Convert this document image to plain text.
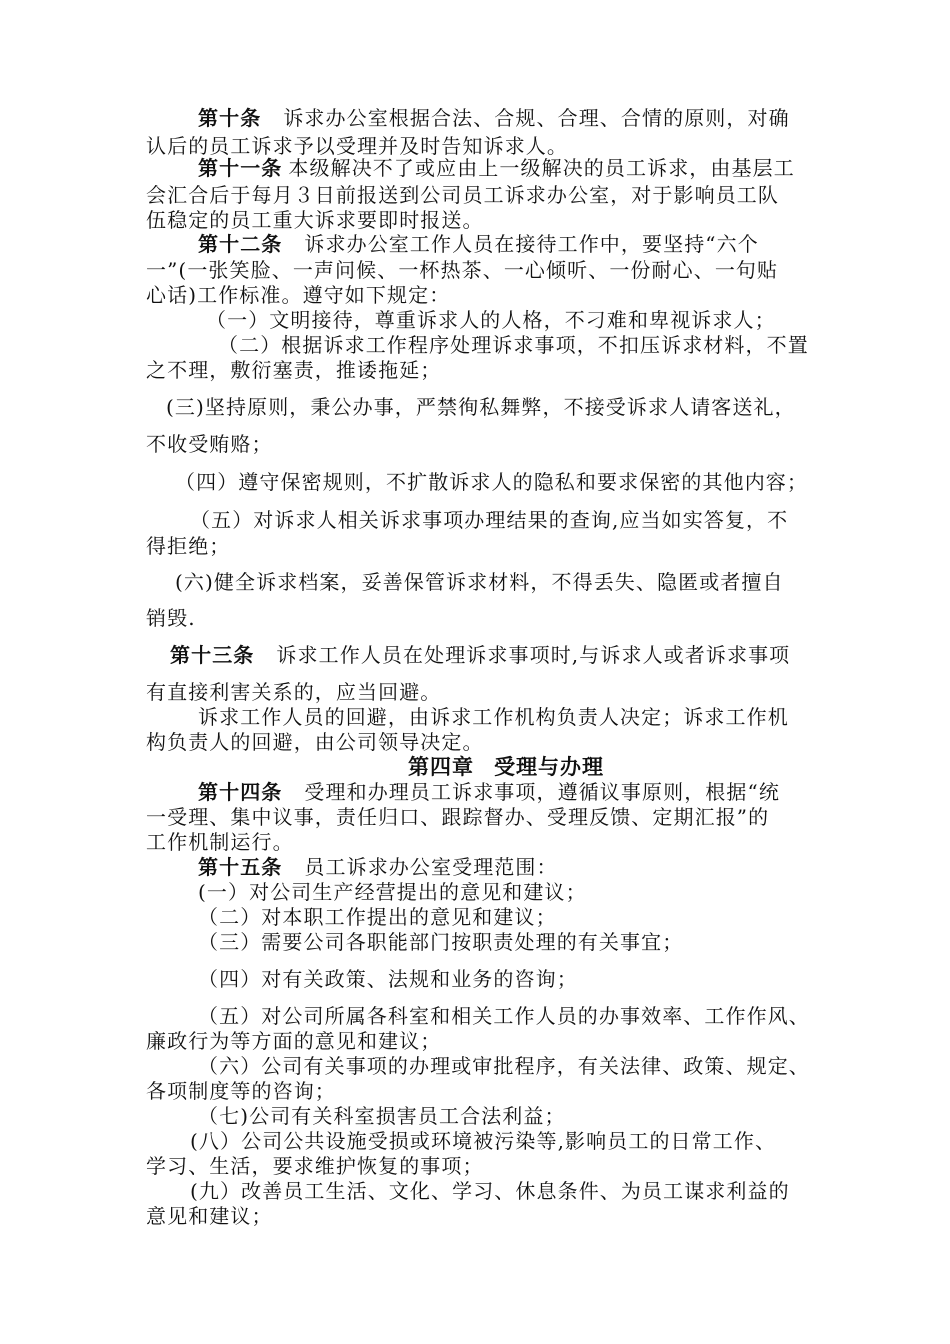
第十条 诉求办公室根据合法、合规、合理、合情的原则，对确
认后的员工诉求予以受理并及时告知诉求人。
第十一条 本级解决不了或应由上一级解决的员工诉求，由基层工
会汇合后于每月３日前报送到公司员工诉求办公室，对于影响员工队
伍稳定的员工重大诉求要即时报送。
第十二条 诉求办公室工作人员在接待工作中，要坚持“六个
一”(一张笑脸、一声问候、一杯热茶、一心倾听、一份耐心、一句贴
心话)工作标准。遵守如下规定：
（一）文明接待，尊重诉求人的人格，不刁难和卑视诉求人；
（二）根据诉求工作程序处理诉求事项，不扣压诉求材料，不置
之不理，敷衍塞责，推诿拖延；
(三)坚持原则，秉公办事，严禁徇私舞弊，不接受诉求人请客送礼，
不收受贿赂；
（四）遵守保密规则，不扩散诉求人的隐私和要求保密的其他内容；
（五）对诉求人相关诉求事项办理结果的查询,应当如实答复，不
得拒绝；
(六)健全诉求档案，妥善保管诉求材料，不得丢失、隐匿或者擅自
销毁.
第十三条 诉求工作人员在处理诉求事项时,与诉求人或者诉求事项
有直接利害关系的，应当回避。
诉求工作人员的回避，由诉求工作机构负责人决定；诉求工作机
构负责人的回避，由公司领导决定。
第四章 受理与办理
第十四条 受理和办理员工诉求事项，遵循议事原则，根据“统
一受理、集中议事，责任归口、跟踪督办、受理反馈、定期汇报”的
工作机制运行。
第十五条 员工诉求办公室受理范围：
(一）对公司生产经营提出的意见和建议；
（二）对本职工作提出的意见和建议；
（三）需要公司各职能部门按职责处理的有关事宜；
（四）对有关政策、法规和业务的咨询；
（五）对公司所属各科室和相关工作人员的办事效率、工作作风、
廉政行为等方面的意见和建议；
（六）公司有关事项的办理或审批程序，有关法律、政策、规定、
各项制度等的咨询；
（七)公司有关科室损害员工合法利益；
(八）公司公共设施受损或环境被污染等,影响员工的日常工作、
学习、生活，要求维护恢复的事项；
(九）改善员工生活、文化、学习、休息条件、为员工谋求利益的
意见和建议；
